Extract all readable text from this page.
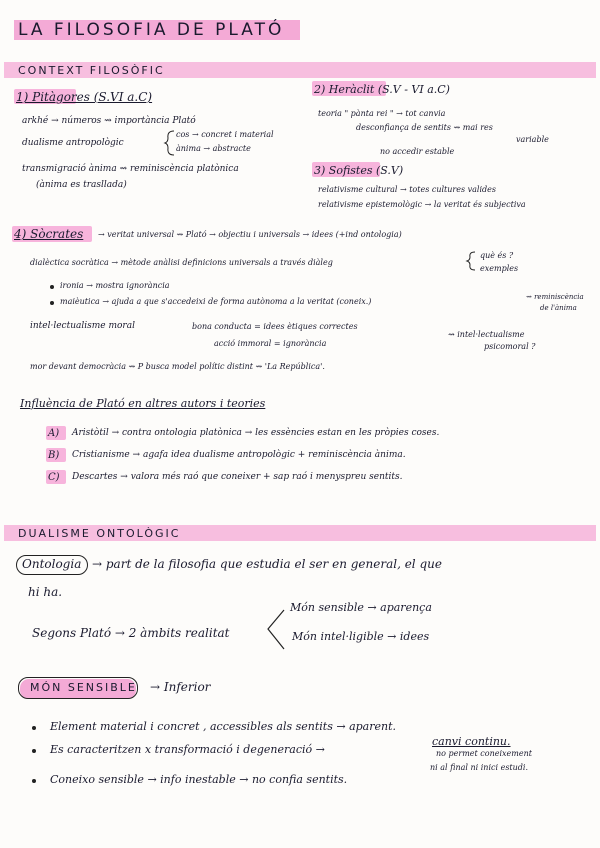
LA FILOSOFIA DE PLATÓ
CONTEXT FILOSÒFIC
1) Pitàgores (S.VI a.C)
arkhé → números ⇝ importància Plató
dualisme antropològic
cos → concret i material
ànima → abstracte
transmigració ànima ⇝ reminiscència platònica
(ànima es trasllada)
2) Heràclit (S.V - VI a.C)
teoria " pànta rei " → tot canvia
desconfiança de sentits ⇝ mai res
variable
no accedir estable
3) Sofistes (S.V)
relativisme cultural → totes cultures valides
relativisme epistemològic → la veritat és subjectiva
4) Sòcrates → veritat universal ⇝ Plató → objectiu i universals → idees (+ind ontologia)
dialèctica socràtica → mètode anàlisi definicions universals a través diàleg
què és ?
exemples
ironia → mostra ignorància
maièutica → ajuda a que s'accedeixi de forma autònoma a la veritat (coneix.)	⇝ reminiscència
de l'ànima
intel·lectualisme moral	bona conducta = idees ètiques correctes
acció immoral = ignorància
⇝ intel·lectualisme
psicomoral ?
mor devant democràcia ⇝ P busca model polític distint ⇝ 'La República'.
Influència de Plató en altres autors i teories
A) Aristòtil → contra ontologia platònica → les essències estan en les pròpies coses.
B) Cristianisme → agafa idea dualisme antropològic + reminiscència ànima.
C) Descartes → valora més raó que coneixer + sap raó i menyspreu sentits.
DUALISME ONTOLÒGIC
Ontologia → part de la filosofia que estudia el ser en general, el que
hi ha.
Segons Plató → 2 àmbits realitat
Món sensible → aparença
Món intel·ligible → idees
MÓN SENSIBLE → Inferior
Element material i concret , accessibles als sentits → aparent.
Es caracteritzen x transformació i degeneració →
canvi continu.
no permet coneixement
ni al final ni inici estudi.
Coneixo sensible → info inestable → no confia sentits.
